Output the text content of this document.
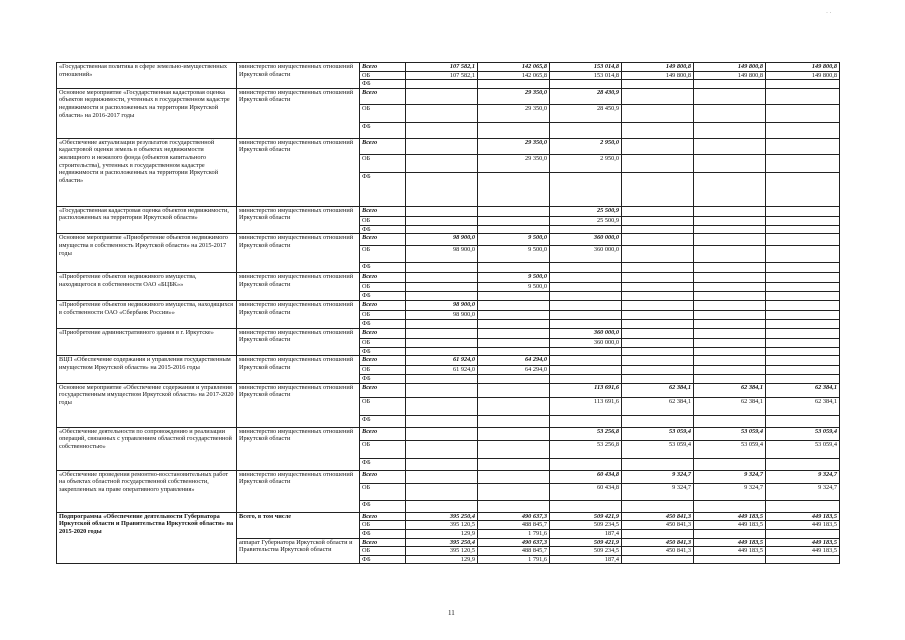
· ·
«Государственная политика в сфере земельно-имущественных отношений»	министерство имущественных отношений Иркутской области	Всего	107 582,1	142 065,8	153 014,8	149 800,8	149 800,8	149 800,8
		ОБ	107 582,1	142 065,8	153 014,8	149 800,8	149 800,8	149 800,8
		ФБ						
Основное мероприятие «Государственная кадастровая оценка объектов недвижимости, учтенных в государственном кадастре недвижимости и расположенных на территории Иркутской области» на 2016-2017 годы	министерство имущественных отношений Иркутской области	Всего		29 350,0	28 430,9			
		ОБ		29 350,0	28 450,9			
		ФБ						
«Обеспечение актуализации результатов государственной кадастровой оценки земель в объектах недвижимости жилищного и нежилого фонда (объектов капитального строительства), учтенных в государственном кадастре недвижимости и расположенных на территории Иркутской области»	министерство имущественных отношений Иркутской области	Всего		29 350,0	2 950,0			
		ОБ		29 350,0	2 950,0			
		ФБ						
«Государственная кадастровая оценка объектов недвижимости, расположенных на территории Иркутской области»	министерство имущественных отношений Иркутской области	Всего			25 500,9			
		ОБ			25 500,9			
		ФБ						
Основное мероприятие «Приобретение объектов недвижимого имущества в собственность Иркутской области» на 2015-2017 годы	министерство имущественных отношений Иркутской области	Всего	98 900,0	9 500,0	360 000,0			
		ОБ	98 900,0	9 500,0	360 000,0			
		ФБ						
«Приобретение объектов недвижимого имущества, находящегося в собственности ОАО «БЦБК»»	министерство имущественных отношений Иркутской области	Всего		9 500,0				
		ОБ		9 500,0				
		ФБ						
«Приобретение объектов недвижимого имущества, находящихся в собственности ОАО «Сбербанк России»»	министерство имущественных отношений Иркутской области	Всего	98 900,0					
		ОБ	98 900,0					
		ФБ						
«Приобретение административного здания в г. Иркутске»	министерство имущественных отношений Иркутской области	Всего			360 000,0			
		ОБ			360 000,0			
		ФБ						
ВЦП «Обеспечение содержания и управления государственным имуществом Иркутской области» на 2015-2016 годы	министерство имущественных отношений Иркутской области	Всего	61 924,0	64 294,0				
		ОБ	61 924,0	64 294,0				
		ФБ						
Основное мероприятие «Обеспечение содержания и управления государственным имуществом Иркутской области» на 2017-2020 годы	министерство имущественных отношений Иркутской области	Всего			113 691,6	62 384,1	62 384,1	62 384,1
		ОБ			113 691,6	62 384,1	62 384,1	62 384,1
		ФБ						
«Обеспечение деятельности по сопровождению и реализации операций, связанных с управлением областной государственной собственностью»	министерство имущественных отношений Иркутской области	Всего			53 256,8	53 059,4	53 059,4	53 059,4
		ОБ			53 256,8	53 059,4	53 059,4	53 059,4
		ФБ						
«Обеспечение проведения ремонтно-восстановительных работ на объектах областной государственной собственности, закрепленных на праве оперативного управления»	министерство имущественных отношений Иркутской области	Всего			60 434,8	9 324,7	9 324,7	9 324,7
		ОБ			60 434,8	9 324,7	9 324,7	9 324,7
		ФБ						
Подпрограмма «Обеспечение деятельности Губернатора Иркутской области и Правительства Иркутской области» на 2015-2020 годы	Всего, в том числе	Всего	395 250,4	490 637,3	509 421,9	450 841,3	449 183,5	449 183,5
		ОБ	395 120,5	488 845,7	509 234,5	450 841,3	449 183,5	449 183,5
		ФБ	129,9	1 791,6	187,4			
	аппарат Губернатора Иркутской области и Правительства Иркутской области	Всего	395 250,4	490 637,3	509 421,9	450 841,3	449 183,5	449 183,5
		ОБ	395 120,5	488 845,7	509 234,5	450 841,3	449 183,5	449 183,5
		ФБ	129,9	1 791,6	187,4			
11
